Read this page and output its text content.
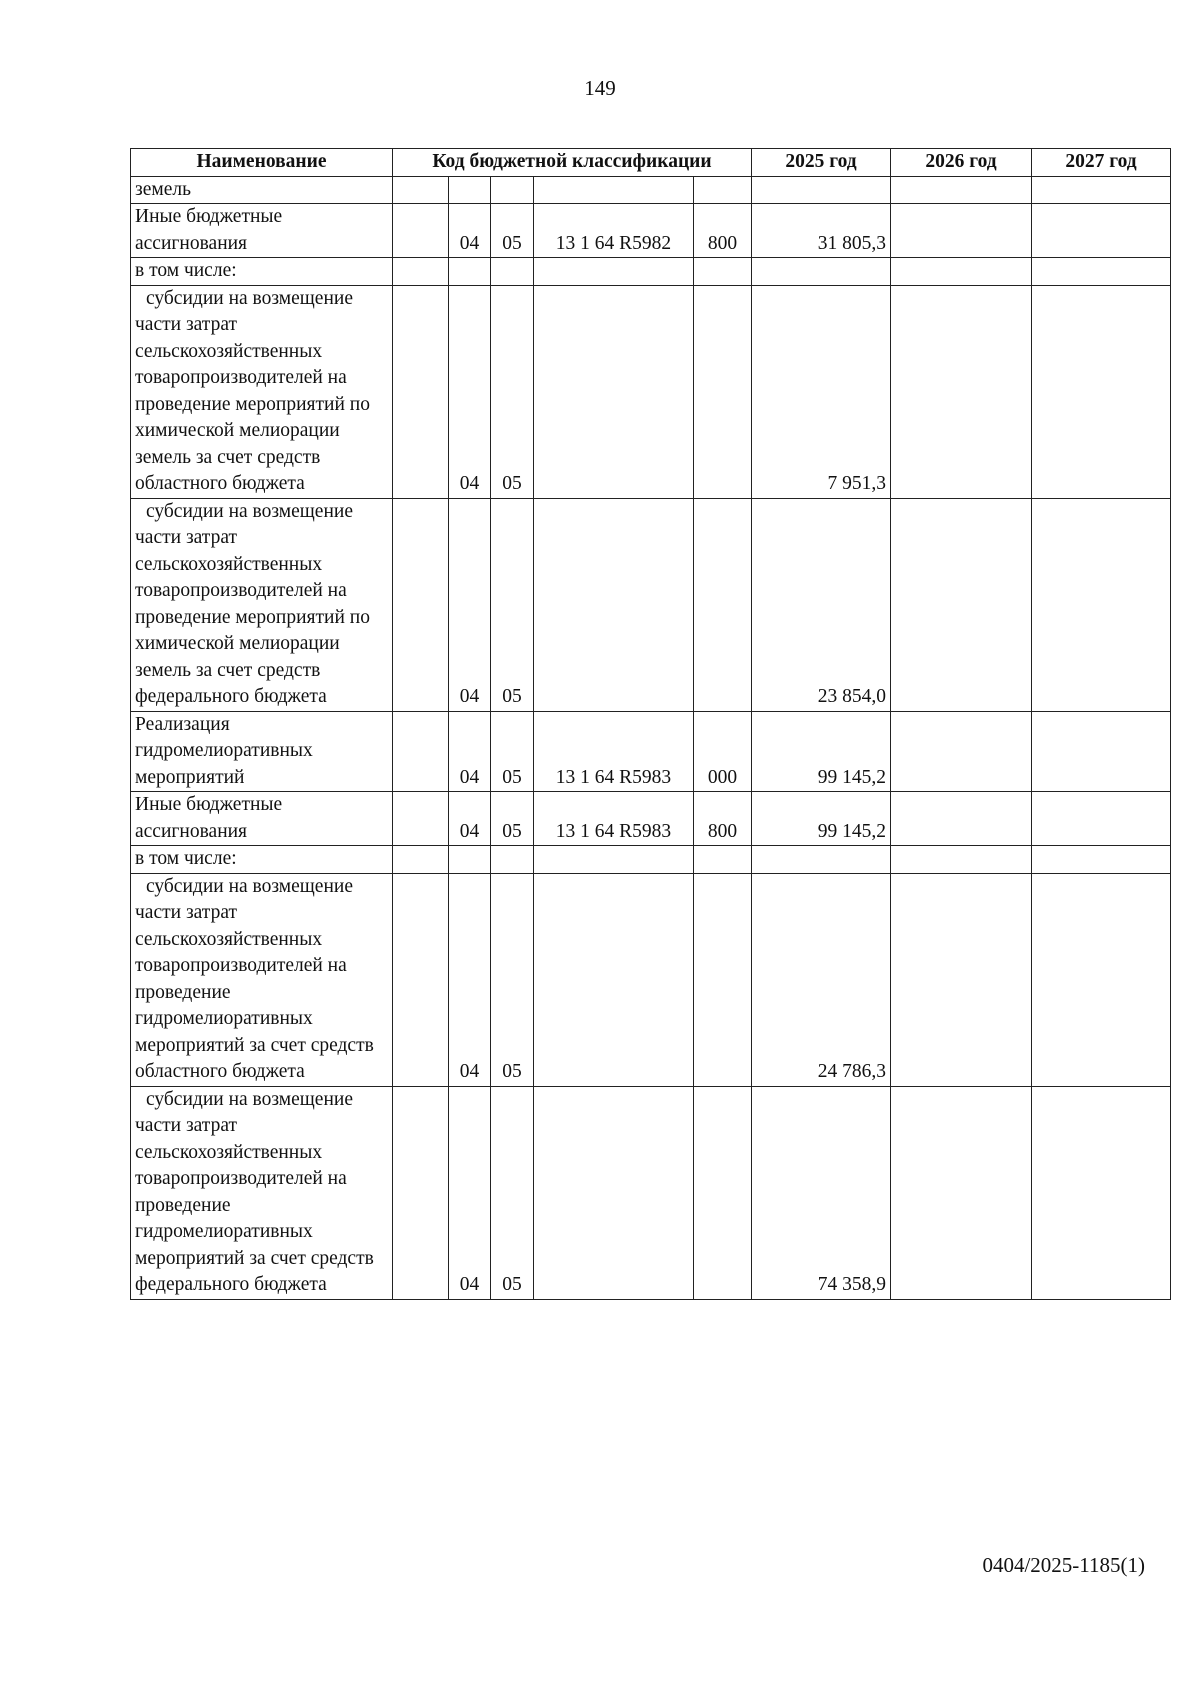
149
Наименование	Код бюджетной классификации					2025 год	2026 год	2027 год
земель								
Иные бюджетные ассигнования		04	05	13 1 64 R5982	800	31 805,3		
в том числе:								
субсидии на возмещение части затрат сельскохозяйственных товаропроизводителей на проведение мероприятий по химической мелиорации земель за счет средств областного бюджета		04	05			7 951,3		
субсидии на возмещение части затрат сельскохозяйственных товаропроизводителей на проведение мероприятий по химической мелиорации земель за счет средств федерального бюджета		04	05			23 854,0		
Реализация гидромелиоративных мероприятий		04	05	13 1 64 R5983	000	99 145,2		
Иные бюджетные ассигнования		04	05	13 1 64 R5983	800	99 145,2		
в том числе:								
субсидии на возмещение части затрат сельскохозяйственных товаропроизводителей на проведение гидромелиоративных мероприятий за счет средств областного бюджета		04	05			24 786,3		
субсидии на возмещение части затрат сельскохозяйственных товаропроизводителей на проведение гидромелиоративных мероприятий за счет средств федерального бюджета		04	05			74 358,9		
0404/2025-1185(1)
